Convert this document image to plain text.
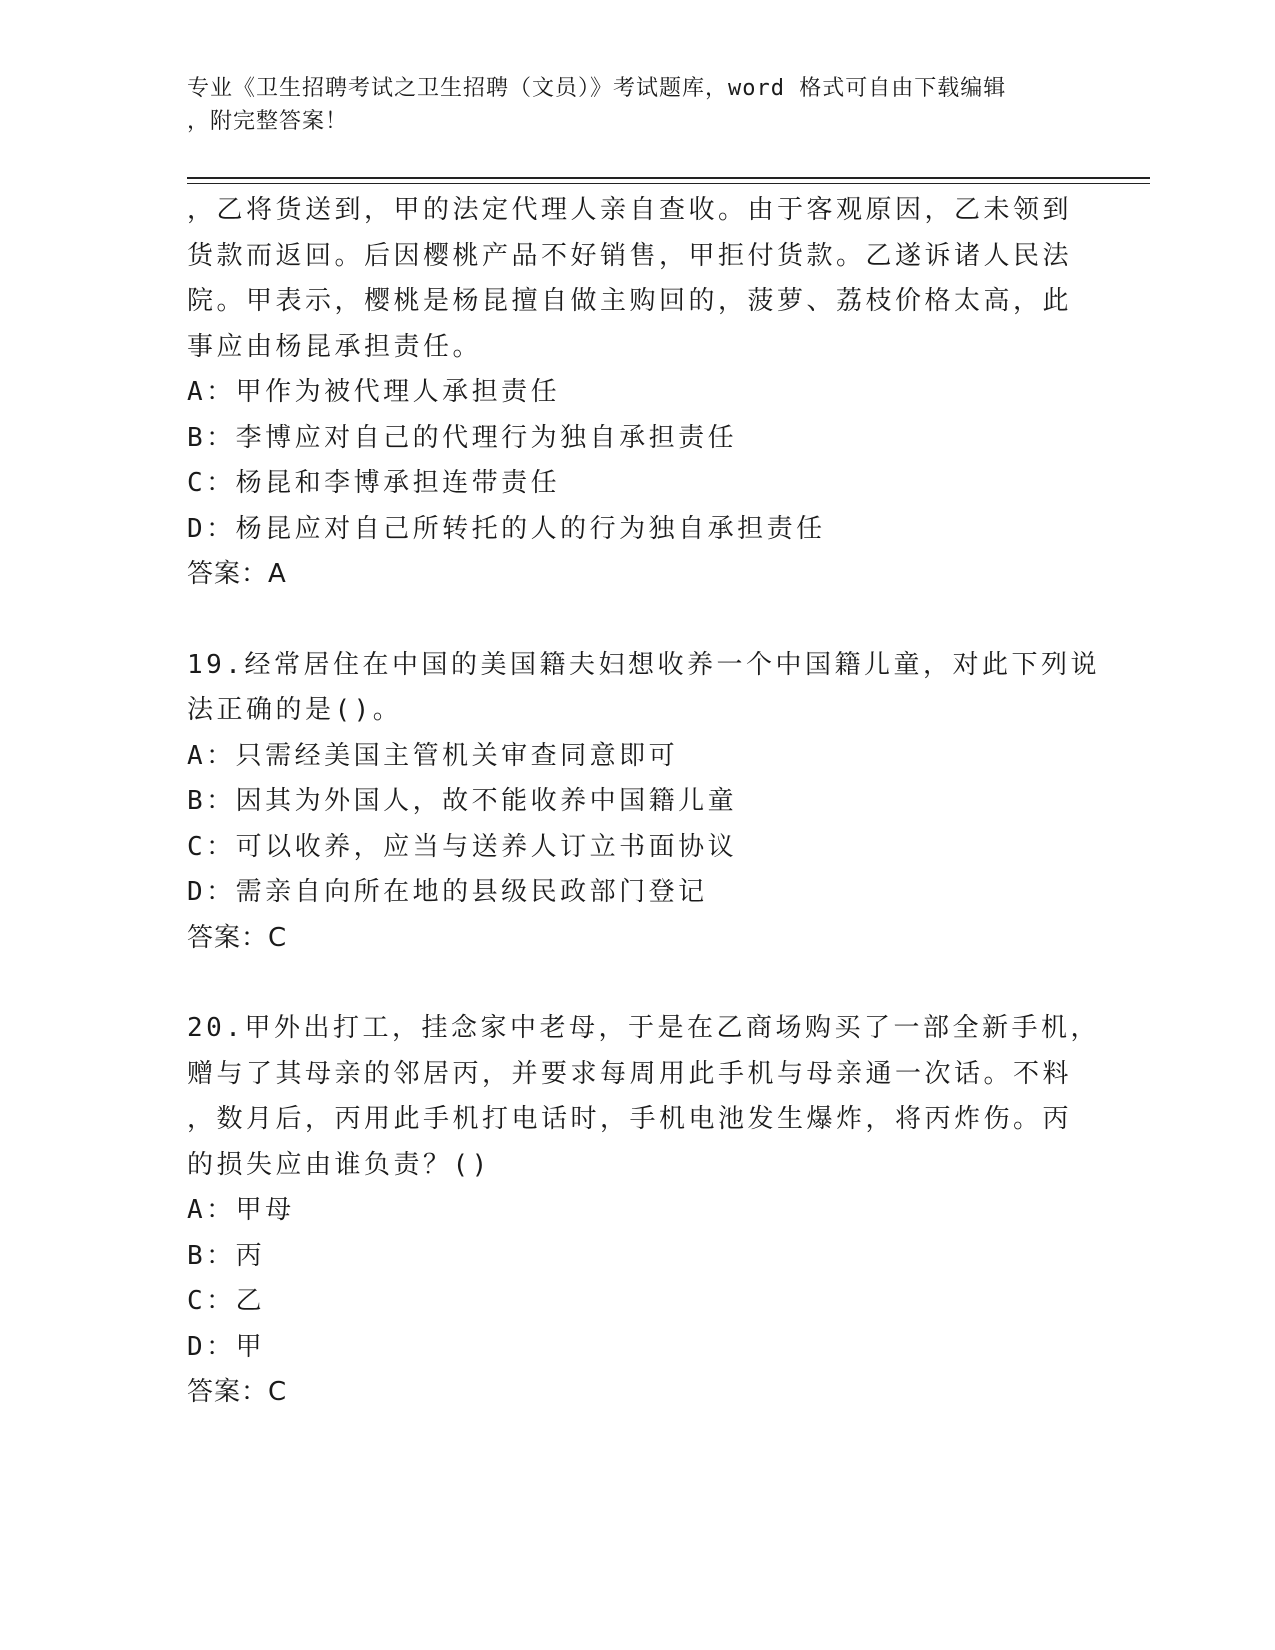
专业《卫生招聘考试之卫生招聘（文员）》考试题库，word 格式可自由下载编辑
，附完整答案！
，乙将货送到，甲的法定代理人亲自查收。由于客观原因，乙未领到
货款而返回。后因樱桃产品不好销售，甲拒付货款。乙遂诉诸人民法
院。甲表示，樱桃是杨昆擅自做主购回的，菠萝、荔枝价格太高，此
事应由杨昆承担责任。
A：甲作为被代理人承担责任
B：李博应对自己的代理行为独自承担责任
C：杨昆和李博承担连带责任
D：杨昆应对自己所转托的人的行为独自承担责任
答案：A
19.经常居住在中国的美国籍夫妇想收养一个中国籍儿童，对此下列说
法正确的是()。
A：只需经美国主管机关审查同意即可
B：因其为外国人，故不能收养中国籍儿童
C：可以收养，应当与送养人订立书面协议
D：需亲自向所在地的县级民政部门登记
答案：C
20.甲外出打工，挂念家中老母，于是在乙商场购买了一部全新手机，
赠与了其母亲的邻居丙，并要求每周用此手机与母亲通一次话。不料
，数月后，丙用此手机打电话时，手机电池发生爆炸，将丙炸伤。丙
的损失应由谁负责？()
A：甲母
B：丙
C：乙
D：甲
答案：C
